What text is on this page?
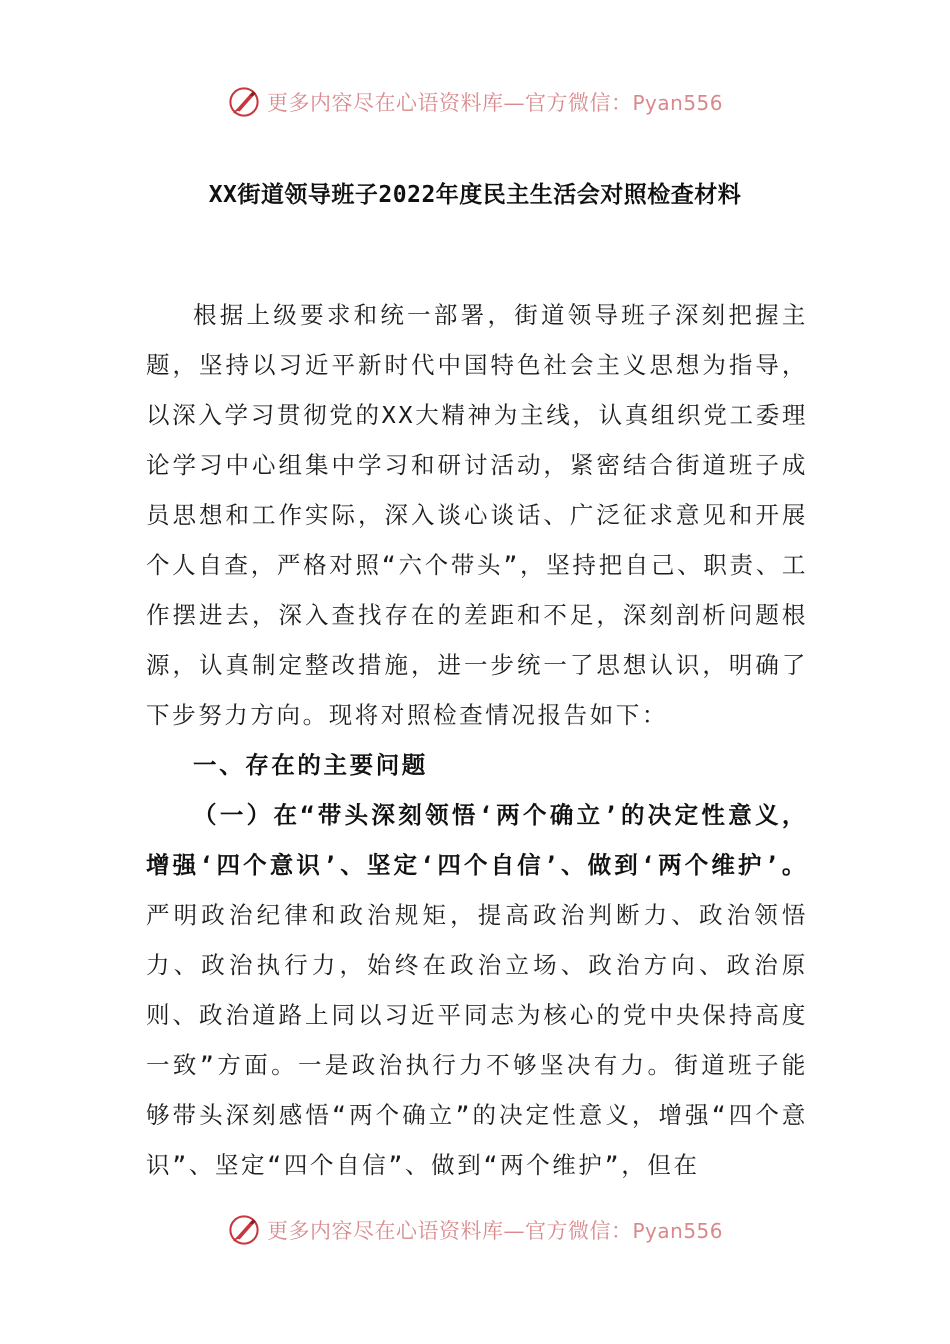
更多内容尽在心语资料库—官方微信：Pyan556
XX街道领导班子2022年度民主生活会对照检查材料

根据上级要求和统一部署，街道领导班子深刻把握主题，坚持以习近平新时代中国特色社会主义思想为指导，以深入学习贯彻党的XX大精神为主线，认真组织党工委理论学习中心组集中学习和研讨活动，紧密结合街道班子成员思想和工作实际，深入谈心谈话、广泛征求意见和开展个人自查，严格对照“六个带头”，坚持把自己、职责、工作摆进去，深入查找存在的差距和不足，深刻剖析问题根源，认真制定整改措施，进一步统一了思想认识，明确了下步努力方向。现将对照检查情况报告如下：

一、存在的主要问题

（一）在“带头深刻领悟‘两个确立’的决定性意义，增强‘四个意识’、坚定‘四个自信’、做到‘两个维护’。严明政治纪律和政治规矩，提高政治判断力、政治领悟力、政治执行力，始终在政治立场、政治方向、政治原则、政治道路上同以习近平同志为核心的党中央保持高度一致”方面。一是政治执行力不够坚决有力。街道班子能够带头深刻感悟“两个确立”的决定性意义，增强“四个意识”、坚定“四个自信”、做到“两个维护”，但在

更多内容尽在心语资料库—官方微信：Pyan556
